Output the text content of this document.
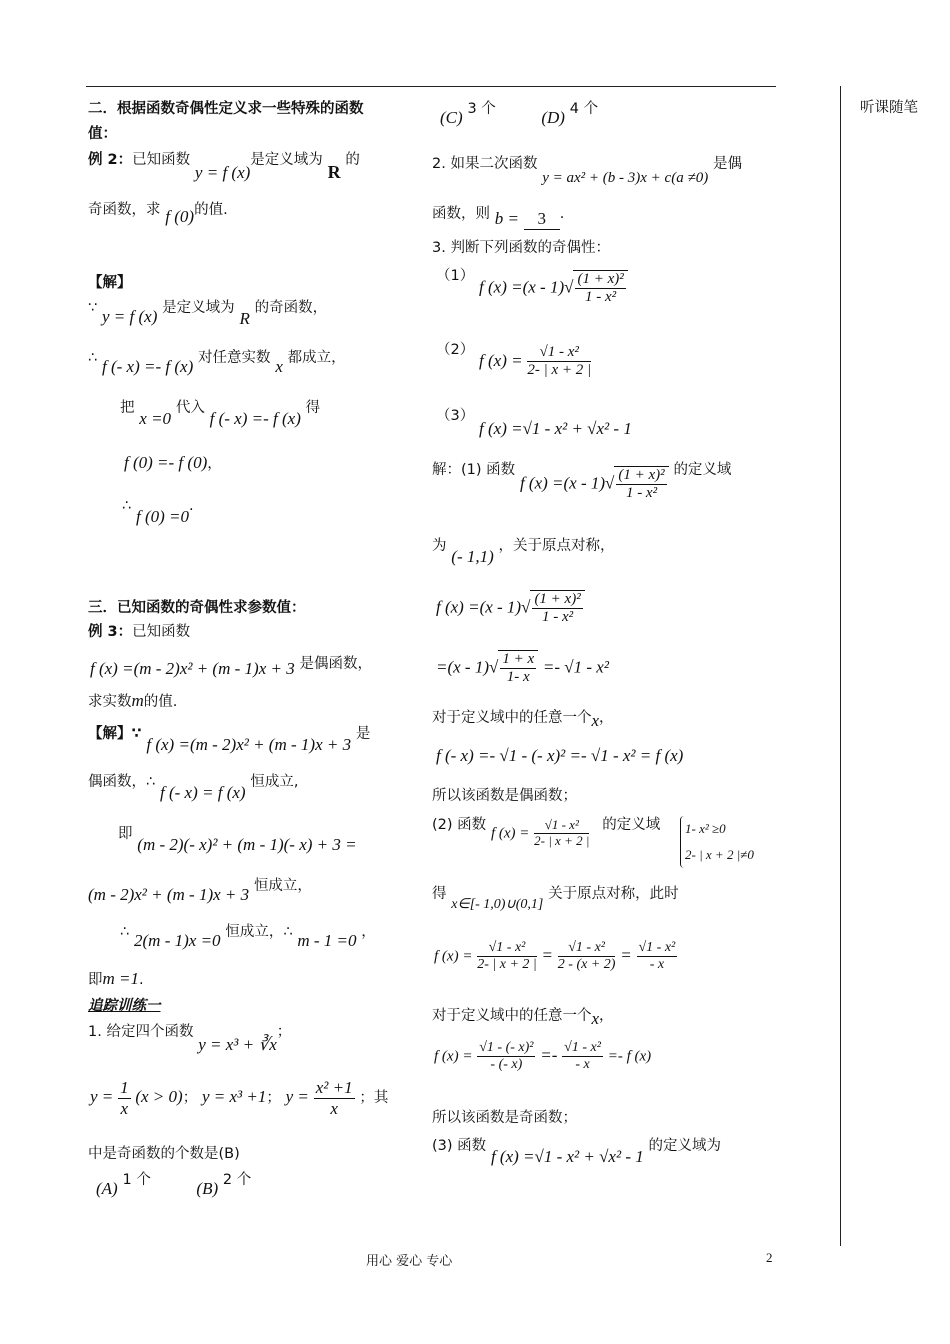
听课随笔
二．根据函数奇偶性定义求一些特殊的函数
值：
例 2：已知函数 y = f (x)是定义域为 R 的
奇函数，求 f (0)的值.
【解】
∵ y = f (x) 是定义域为 R 的奇函数，
∴ f (- x) =- f (x) 对任意实数 x 都成立，
把 x =0 代入 f (- x) =- f (x) 得
f (0) =- f (0)，
∴ f (0) =0.
三．已知函数的奇偶性求参数值：
例 3：已知函数
f (x) =(m - 2)x² + (m - 1)x + 3 是偶函数，
求实数m的值.
【解】∵ f (x) =(m - 2)x² + (m - 1)x + 3 是
偶函数，∴ f (- x) = f (x) 恒成立,
即 (m - 2)(- x)² + (m - 1)(- x) + 3 =
(m - 2)x² + (m - 1)x + 3 恒成立，
∴ 2(m - 1)x =0 恒成立，∴ m - 1 =0 ，
即m =1.
追踪训练一
1. 给定四个函数 y = x³ + ∛x；
$y = \frac{1}{x} (x > 0)$； y = x³ +1； $y = \frac{\text{x² +1}}{x}$ ；其
中是奇函数的个数是(B)
(A) 1 个	(B) 2 个
(C) 3 个	(D) 4 个
2. 如果二次函数 y = ax² + (b - 3)x + c(a ≠0) 是偶
函数，则 b = 3 .
3. 判断下列函数的奇偶性：
（1） f $(x) =(x - 1)√ \frac{\text{(1 + x)²}}{\text{1 - x²}}$
（2） f $(x) = \frac{\text{√1 - x²}}{2- | x + 2 |}$
（3） f (x) =√1 - x² + √x² - 1
解：(1) 函数 f $(x) =(x - 1)√ \frac{\text{(1 + x)²}}{\text{1 - x²}}$ 的定义域
为 (- 1,1) ，关于原点对称，
f $(x) =(x - 1)√ \frac{\text{(1 + x)²}}{\text{1 - x²}}$
$=(x - 1)√ \frac{1 + x}{1- x} =- √1 - x^2$
对于定义域中的任意一个x，
f (- x) =- √1 - (- x)² =- √1 - x² = f (x)
所以该函数是偶函数；
(2) 函数 f $(x) = \frac{\text{√1 - x²}}{2- | x + 2 |}$ 的定义域 1- x² ≥0
2- | x + 2 |≠0
得 x∈[- 1,0)∪(0,1] 关于原点对称，此时
f $(x) = \frac{\text{√1 - x²}}{2- | x + 2 |} = \frac{\text{√1 - x²}}{2 - (x + 2)} = \frac{\text{√1 - x²}}{- x}$
对于定义域中的任意一个x，
f $(x) = \frac{\text{√1 - (- x)²}}{- (- x)} =- \frac{\text{√1 - x²}}{- x} =- f$ (x)
所以该函数是奇函数；
(3) 函数 f (x) =√1 - x² + √x² - 1 的定义域为
用心 爱心 专心	2
